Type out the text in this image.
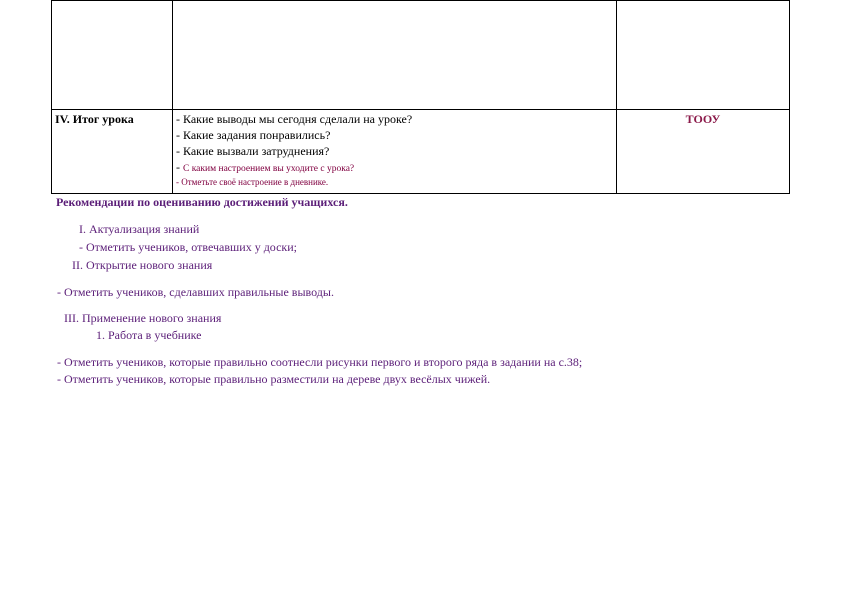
IV. Итог урока	- Какие выводы мы сегодня сделали на уроке?
- Какие задания понравились?
- Какие вызвали затруднения?
- С каким настроением вы уходите с урока?
- Отметьте своё настроение в дневнике.	ТООУ
Рекомендации по оцениванию достижений учащихся.
I. Актуализация знаний
- Отметить учеников, отвечавших у доски;
II. Открытие нового знания
- Отметить учеников, сделавших правильные выводы.
III. Применение нового знания
1. Работа в учебнике
- Отметить учеников, которые правильно соотнесли рисунки первого и второго ряда в задании на с.38;
- Отметить учеников, которые правильно разместили на дереве двух весёлых чижей.
